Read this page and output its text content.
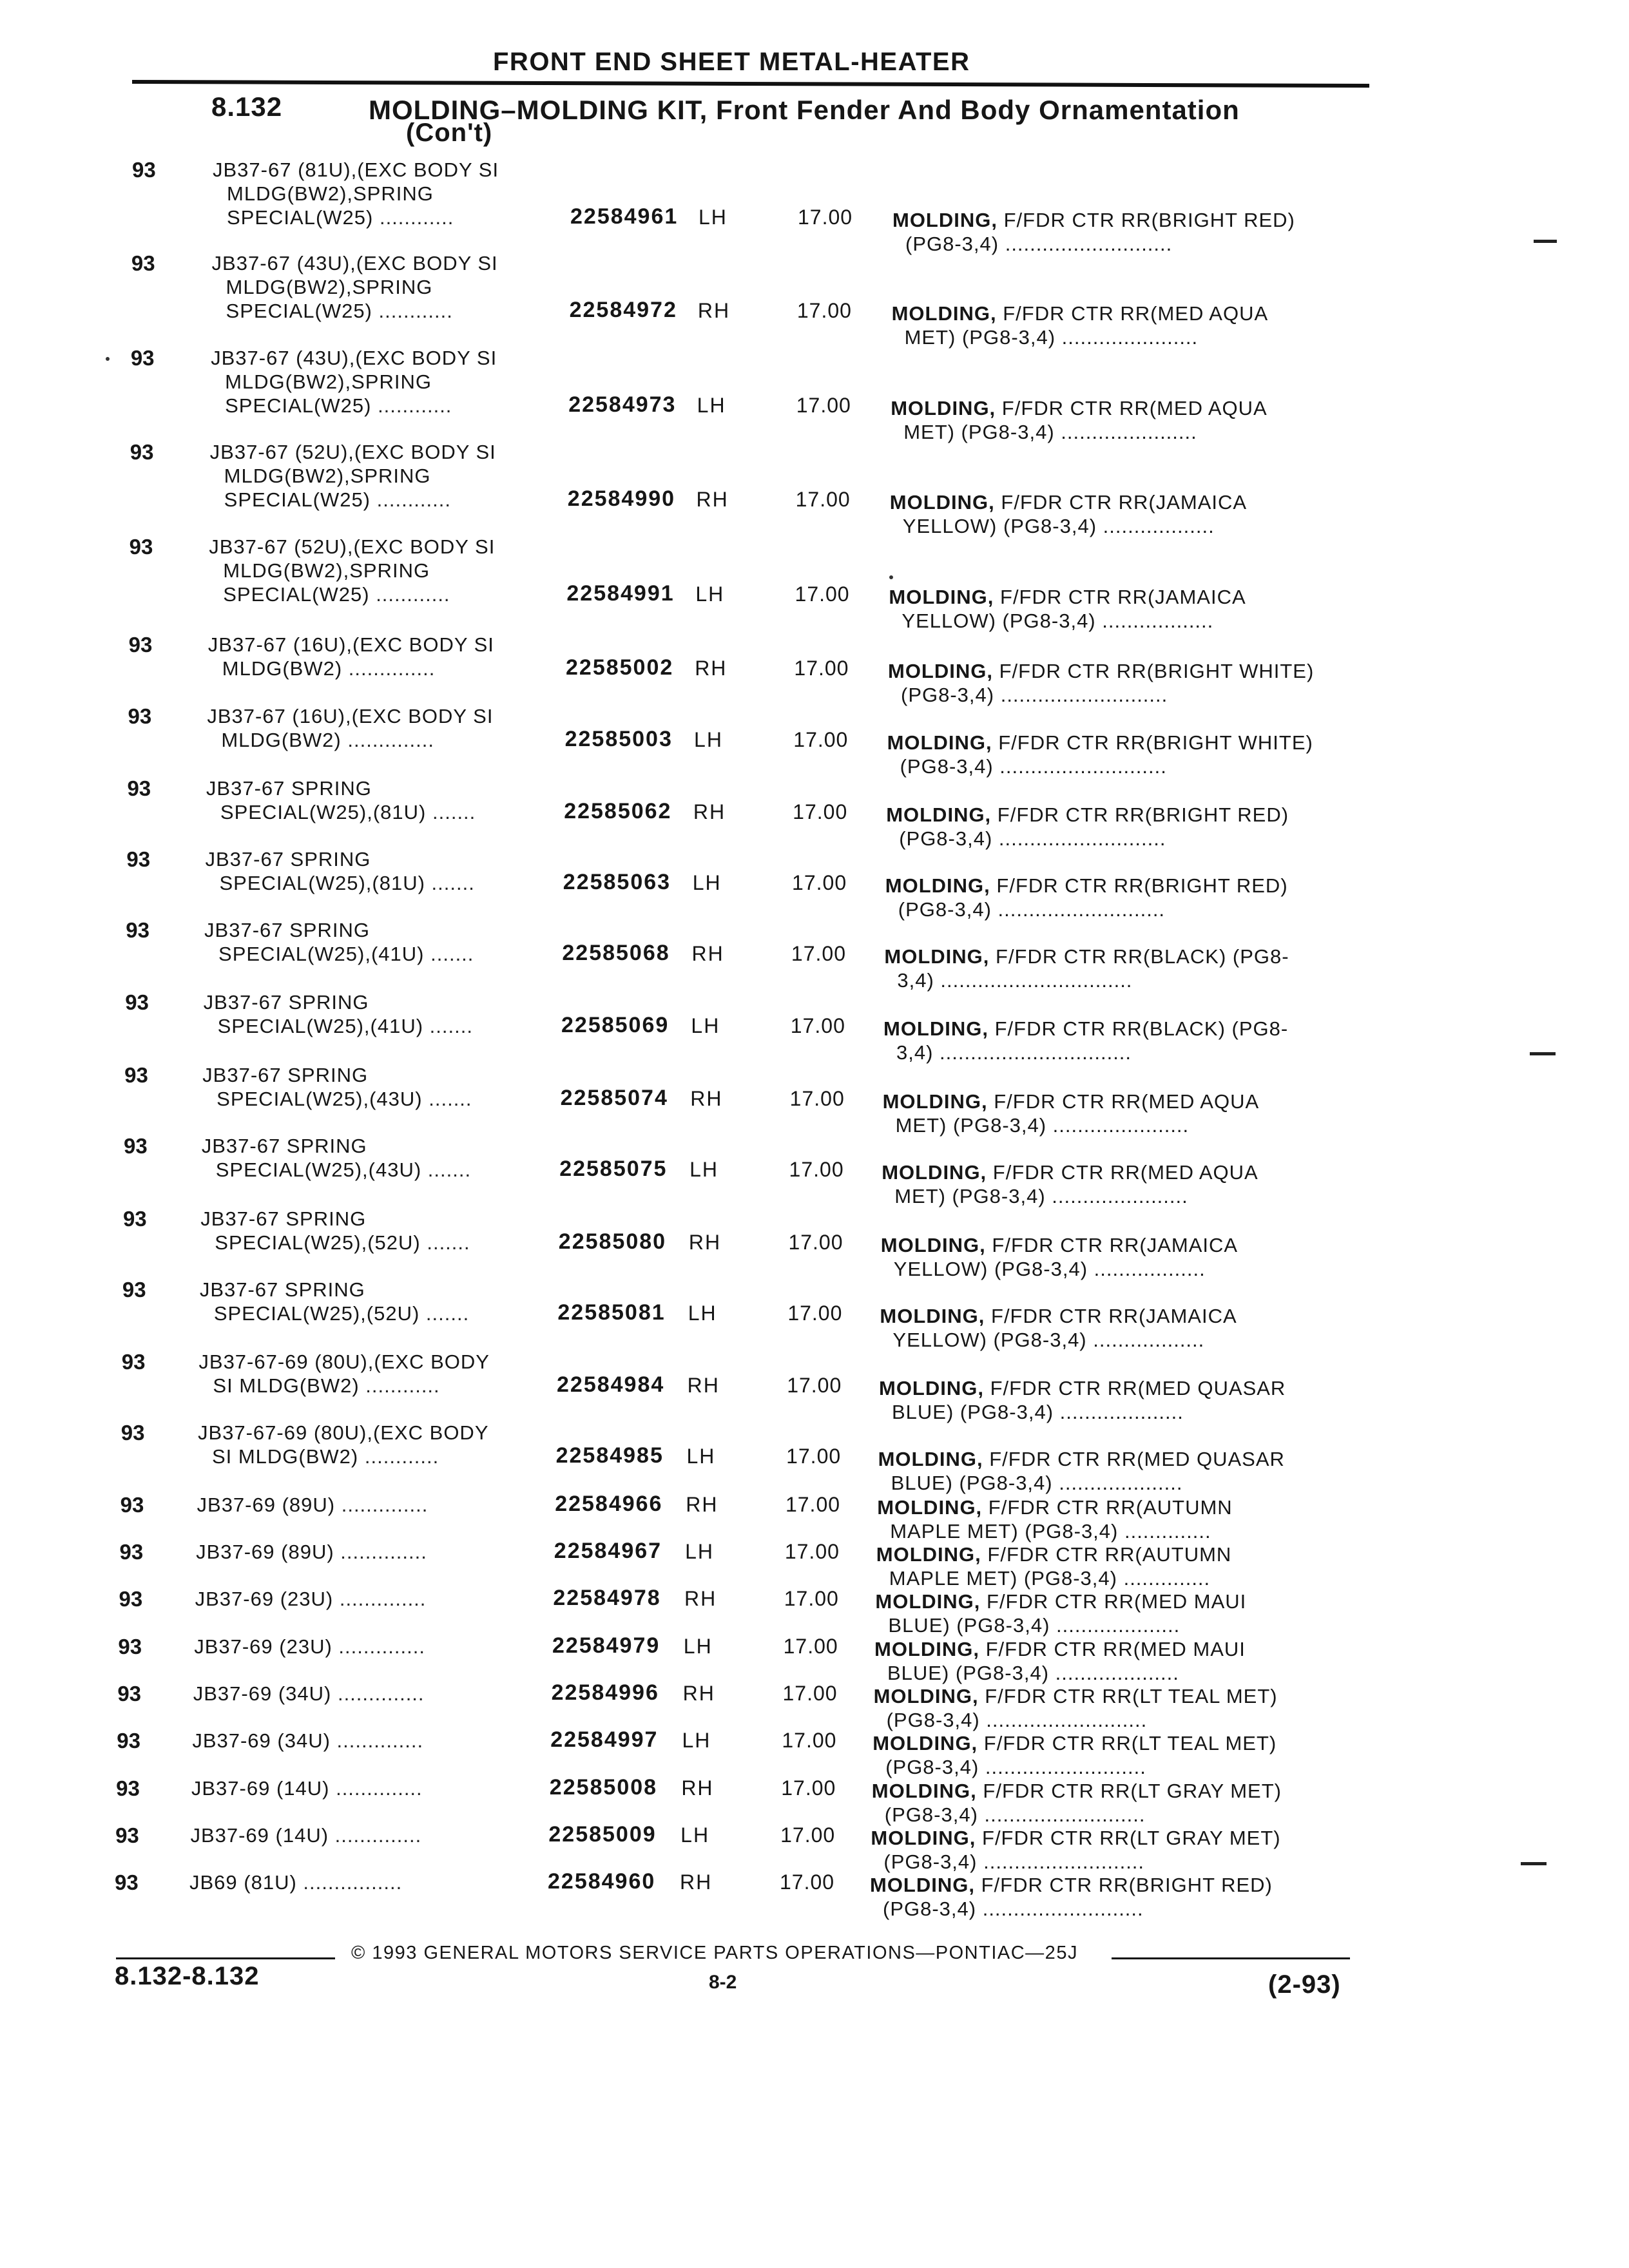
FRONT END SHEET METAL-HEATER
8.132	MOLDING–MOLDING KIT, Front Fender And Body Ornamentation
(Con't)
93	JB37-67 (81U),(EXC BODY SI
MLDG(BW2),SPRING
SPECIAL(W25) ............	22584961 LH	17.00 MOLDING, F/FDR CTR RR(BRIGHT RED)
(PG8-3,4) ...........................
93	JB37-67 (43U),(EXC BODY SI
MLDG(BW2),SPRING
SPECIAL(W25) ............	22584972 RH	17.00 MOLDING, F/FDR CTR RR(MED AQUA
MET) (PG8-3,4) ......................
93	JB37-67 (43U),(EXC BODY SI
MLDG(BW2),SPRING
SPECIAL(W25) ............	22584973 LH	17.00 MOLDING, F/FDR CTR RR(MED AQUA
MET) (PG8-3,4) ......................
93	JB37-67 (52U),(EXC BODY SI
MLDG(BW2),SPRING
SPECIAL(W25) ............	22584990 RH	17.00 MOLDING, F/FDR CTR RR(JAMAICA
YELLOW) (PG8-3,4) ..................
93	JB37-67 (52U),(EXC BODY SI
MLDG(BW2),SPRING
SPECIAL(W25) ............	22584991 LH	17.00 MOLDING, F/FDR CTR RR(JAMAICA
YELLOW) (PG8-3,4) ..................
93	JB37-67 (16U),(EXC BODY SI
MLDG(BW2) ..............	22585002 RH	17.00 MOLDING, F/FDR CTR RR(BRIGHT WHITE)
(PG8-3,4) ...........................
93	JB37-67 (16U),(EXC BODY SI
MLDG(BW2) ..............	22585003 LH	17.00 MOLDING, F/FDR CTR RR(BRIGHT WHITE)
(PG8-3,4) ...........................
93	JB37-67 SPRING
SPECIAL(W25),(81U) .......	22585062 RH	17.00 MOLDING, F/FDR CTR RR(BRIGHT RED)
(PG8-3,4) ...........................
93	JB37-67 SPRING
SPECIAL(W25),(81U) .......	22585063 LH	17.00 MOLDING, F/FDR CTR RR(BRIGHT RED)
(PG8-3,4) ...........................
93	JB37-67 SPRING
SPECIAL(W25),(41U) .......	22585068 RH	17.00 MOLDING, F/FDR CTR RR(BLACK) (PG8-
3,4) ...............................
93	JB37-67 SPRING
SPECIAL(W25),(41U) .......	22585069 LH	17.00 MOLDING, F/FDR CTR RR(BLACK) (PG8-
3,4) ...............................
93	JB37-67 SPRING
SPECIAL(W25),(43U) .......	22585074 RH	17.00 MOLDING, F/FDR CTR RR(MED AQUA
MET) (PG8-3,4) ......................
93	JB37-67 SPRING
SPECIAL(W25),(43U) .......	22585075 LH	17.00 MOLDING, F/FDR CTR RR(MED AQUA
MET) (PG8-3,4) ......................
93	JB37-67 SPRING
SPECIAL(W25),(52U) .......	22585080 RH	17.00 MOLDING, F/FDR CTR RR(JAMAICA
YELLOW) (PG8-3,4) ..................
93	JB37-67 SPRING
SPECIAL(W25),(52U) .......	22585081 LH	17.00 MOLDING, F/FDR CTR RR(JAMAICA
YELLOW) (PG8-3,4) ..................
93	JB37-67-69 (80U),(EXC BODY
SI MLDG(BW2) ............	22584984 RH	17.00 MOLDING, F/FDR CTR RR(MED QUASAR
BLUE) (PG8-3,4) ....................
93	JB37-67-69 (80U),(EXC BODY
SI MLDG(BW2) ............	22584985 LH	17.00 MOLDING, F/FDR CTR RR(MED QUASAR
BLUE) (PG8-3,4) ....................
93	JB37-69 (89U) ..............	22584966 RH	17.00 MOLDING, F/FDR CTR RR(AUTUMN
MAPLE MET) (PG8-3,4) ..............
93	JB37-69 (89U) ..............	22584967 LH	17.00 MOLDING, F/FDR CTR RR(AUTUMN
MAPLE MET) (PG8-3,4) ..............
93	JB37-69 (23U) ..............	22584978 RH	17.00 MOLDING, F/FDR CTR RR(MED MAUI
BLUE) (PG8-3,4) ....................
93	JB37-69 (23U) ..............	22584979 LH	17.00 MOLDING, F/FDR CTR RR(MED MAUI
BLUE) (PG8-3,4) ....................
93	JB37-69 (34U) ..............	22584996 RH	17.00 MOLDING, F/FDR CTR RR(LT TEAL MET)
(PG8-3,4) ..........................
93	JB37-69 (34U) ..............	22584997 LH	17.00 MOLDING, F/FDR CTR RR(LT TEAL MET)
(PG8-3,4) ..........................
93	JB37-69 (14U) ..............	22585008 RH	17.00 MOLDING, F/FDR CTR RR(LT GRAY MET)
(PG8-3,4) ..........................
93	JB37-69 (14U) ..............	22585009 LH	17.00 MOLDING, F/FDR CTR RR(LT GRAY MET)
(PG8-3,4) ..........................
93	JB69 (81U) ................	22584960 RH	17.00 MOLDING, F/FDR CTR RR(BRIGHT RED)
(PG8-3,4) ..........................
© 1993 GENERAL MOTORS SERVICE PARTS OPERATIONS—PONTIAC—25J
8.132-8.132	8-2	(2-93)
